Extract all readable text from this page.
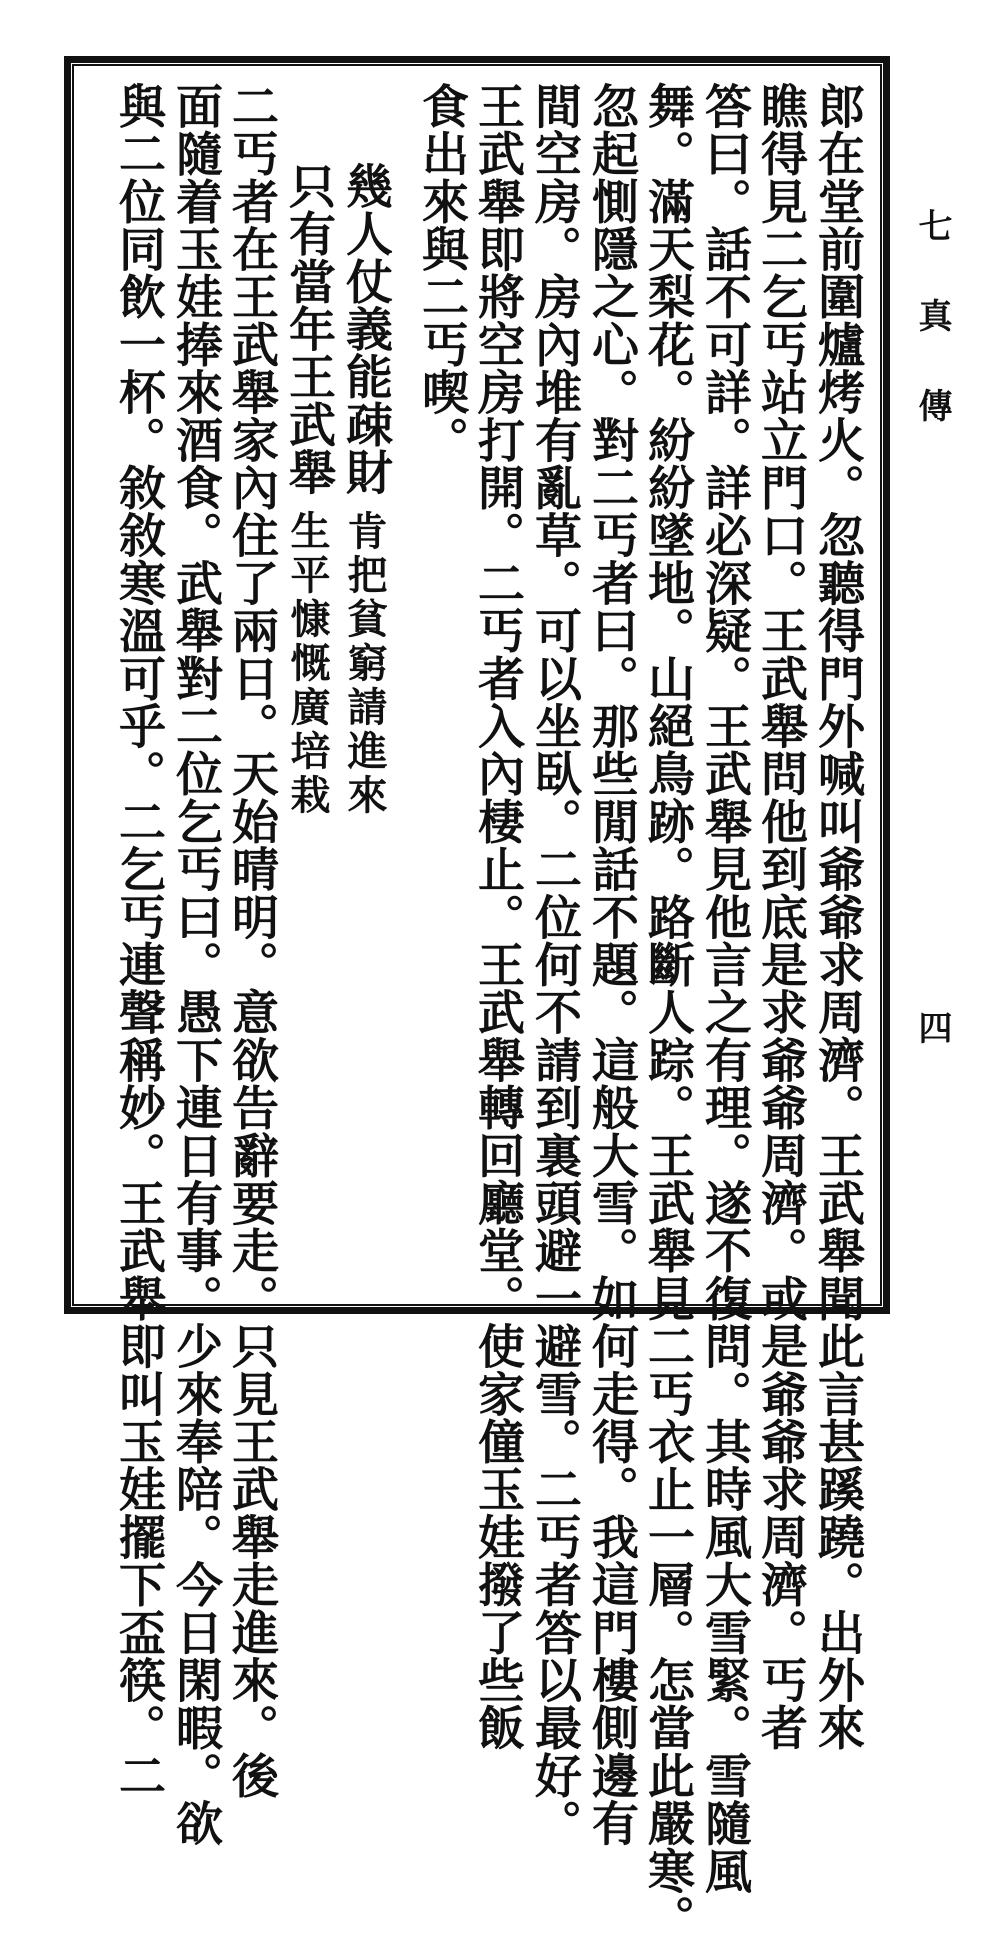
郎在堂前圍爐烤火。忽聽得門外喊叫爺爺求周濟。王武舉聞此言甚蹊蹺。出外來
瞧得見二乞丐站立門口。王武舉問他到底是求爺爺周濟。或是爺爺求周濟。丐者
答曰。話不可詳。詳必深疑。王武舉見他言之有理。遂不復問。其時風大雪緊。雪隨風
舞。滿天梨花。紛紛墜地。山絕鳥跡。路斷人踪。王武舉見二丐衣止一層。怎當此嚴寒。
忽起惻隱之心。對二丐者曰。那些閒話不題。這般大雪。如何走得。我這門樓側邊有
間空房。房內堆有亂草。可以坐臥。二位何不請到裏頭避一避雪。二丐者答以最好。
王武舉即將空房打開。二丐者入內棲止。王武舉轉回廳堂。使家僮玉娃撥了些飯
食出來與二丐喫。
幾人仗義能疎財
肯把貧窮請進來
只有當年王武舉
生平慷慨廣培栽
二丐者在王武舉家內住了兩日。天始晴明。意欲告辭要走。只見王武舉走進來。後
面隨着玉娃捧來酒食。武舉對二位乞丐曰。愚下連日有事。少來奉陪。今日閑暇。欲
與二位同飲一杯。敘敘寒溫可乎。二乞丐連聲稱妙。王武舉即叫玉娃擺下盃筷。二	七真傳
四
